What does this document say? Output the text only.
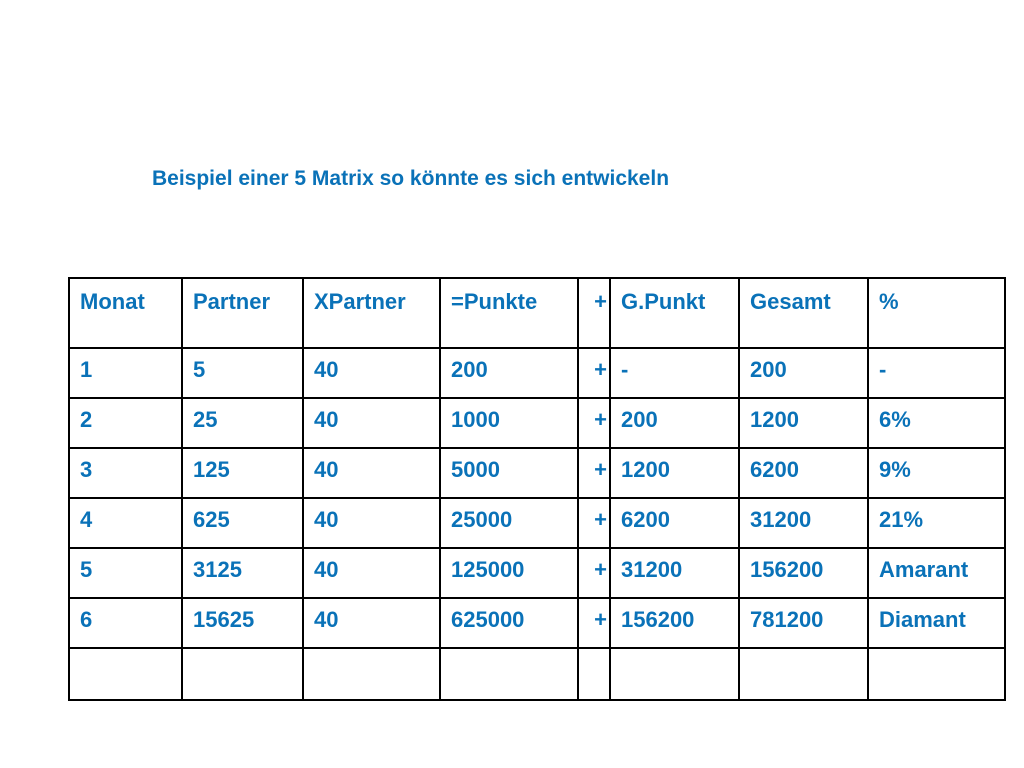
Beispiel einer 5 Matrix so könnte es sich entwickeln
Monat	Partner	XPartner	=Punkte	+	G.Punkt	Gesamt	%
1	5	40	200	+	-	200	-
2	25	40	1000	+	200	1200	6%
3	125	40	5000	+	1200	6200	9%
4	625	40	25000	+	6200	31200	21%
5	3125	40	125000	+	31200	156200	Amarant
6	15625	40	625000	+	156200	781200	Diamant
